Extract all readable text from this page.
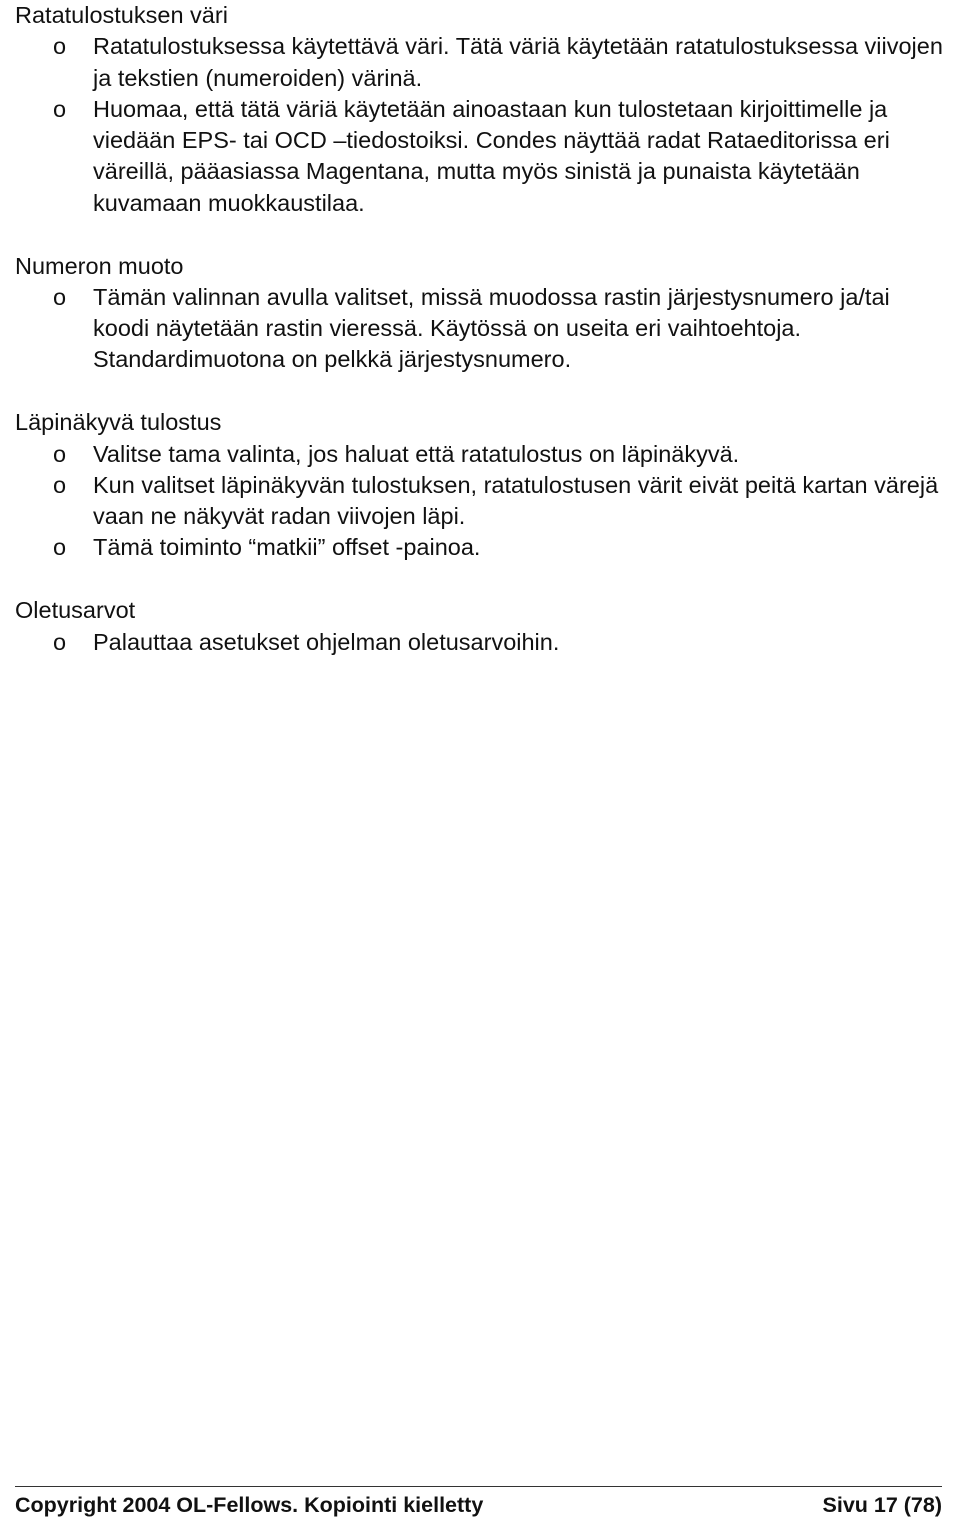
Ratatulostuksen väri
o Ratatulostuksessa käytettävä väri. Tätä väriä käytetään ratatulostuksessa viivojen ja tekstien (numeroiden) värinä.
o Huomaa, että tätä väriä käytetään ainoastaan kun tulostetaan kirjoittimelle ja viedään EPS- tai OCD –tiedostoiksi. Condes näyttää radat Rataeditorissa eri väreillä, pääasiassa Magentana, mutta myös sinistä ja punaista käytetään kuvamaan muokkaustilaa.
Numeron muoto
o Tämän valinnan avulla valitset, missä muodossa rastin järjestysnumero ja/tai koodi näytetään rastin vieressä. Käytössä on useita eri vaihtoehtoja. Standardimuotona on pelkkä järjestysnumero.
Läpinäkyvä tulostus
o Valitse tama valinta, jos haluat että ratatulostus on läpinäkyvä.
o Kun valitset läpinäkyvän tulostuksen, ratatulostusen värit eivät peitä kartan värejä vaan ne näkyvät radan viivojen läpi.
o Tämä toiminto “matkii” offset -painoa.
Oletusarvot
o Palauttaa asetukset ohjelman oletusarvoihin.
Copyright 2004 OL-Fellows. Kopiointi kielletty	Sivu 17 (78)
